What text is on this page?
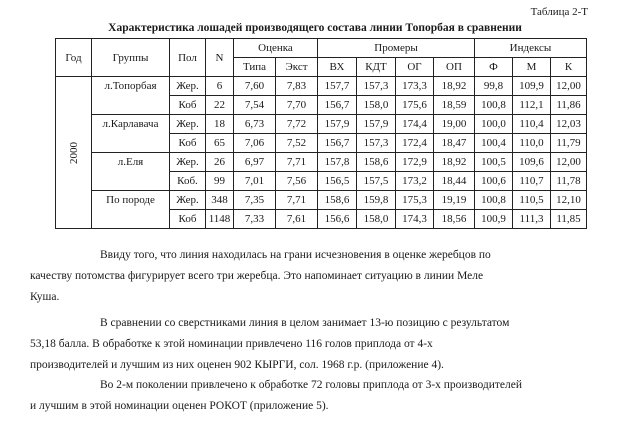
Таблица 2-Т
Характеристика лошадей производящего состава линии Топорбая в сравнении
Год	Группы	Пол	N	Оценка		Промеры				Индексы		
				Типа	Экст	ВХ	КДТ	ОГ	ОП	Ф	М	К
2000	л.Топорбая	Жер.	6	7,60	7,83	157,7	157,3	173,3	18,92	99,8	109,9	12,00
		Коб	22	7,54	7,70	156,7	158,0	175,6	18,59	100,8	112,1	11,86
	л.Карлавача	Жер.	18	6,73	7,72	157,9	157,9	174,4	19,00	100,0	110,4	12,03
		Коб	65	7,06	7,52	156,7	157,3	172,4	18,47	100,4	110,0	11,79
	л.Еля	Жер.	26	6,97	7,71	157,8	158,6	172,9	18,92	100,5	109,6	12,00
		Коб.	99	7,01	7,56	156,5	157,5	173,2	18,44	100,6	110,7	11,78
	По породе	Жер.	348	7,35	7,71	158,6	159,8	175,3	19,19	100,8	110,5	12,10
		Коб	1148	7,33	7,61	156,6	158,0	174,3	18,56	100,9	111,3	11,85
Ввиду того, что линия находилась на грани исчезновения в оценке жеребцов по
качеству потомства фигурирует всего три жеребца. Это напоминает ситуацию в линии Меле
Куша.
В сравнении со сверстниками линия в целом занимает 13-ю позицию с результатом
53,18 балла. В обработке к этой номинации привлечено 116 голов приплода от 4-х
производителей и лучшим из них оценен 902 КЫРГИ, сол. 1968 г.р. (приложение 4).
Во 2-м поколении привлечено к обработке 72 головы приплода от 3-х производителей
и лучшим в этой номинации оценен РОКОТ (приложение 5).
